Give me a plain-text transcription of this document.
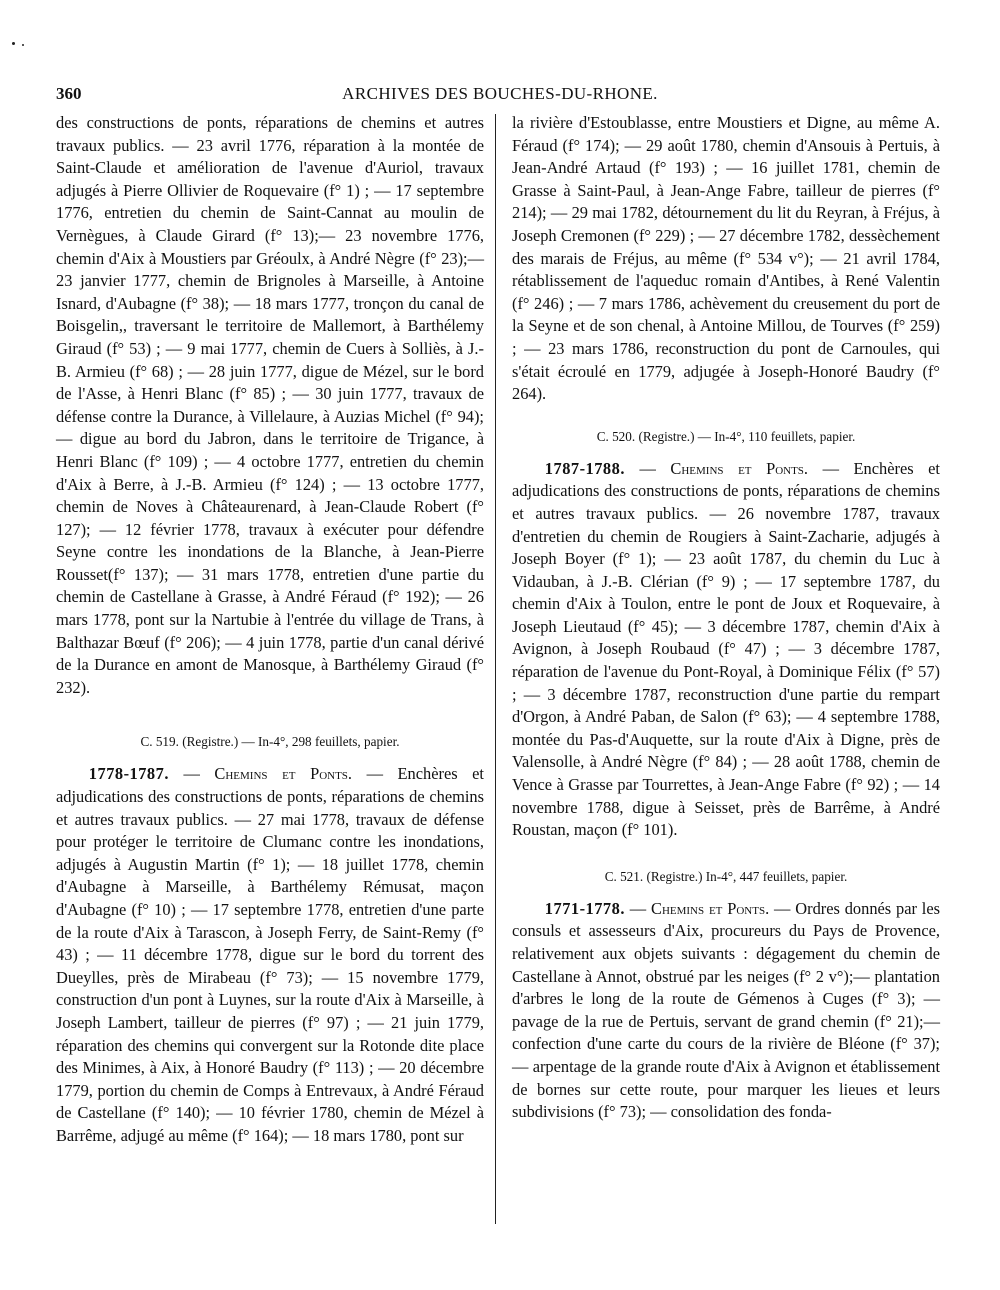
360	ARCHIVES DES BOUCHES-DU-RHONE.

des constructions de ponts, réparations de chemins et autres travaux publics. — 23 avril 1776, réparation à la montée de Saint-Claude et amélioration de l'avenue d'Auriol, travaux adjugés à Pierre Ollivier de Roquevaire (f° 1) ; — 17 septembre 1776, entretien du chemin de Saint-Cannat au moulin de Vernègues, à Claude Girard (f° 13);— 23 novembre 1776, chemin d'Aix à Moustiers par Gréoulx, à André Nègre (f° 23);—23 janvier 1777, chemin de Brignoles à Marseille, à Antoine Isnard, d'Aubagne (f° 38); — 18 mars 1777, tronçon du canal de Boisgelin,, traversant le territoire de Mallemort, à Barthélemy Giraud (f° 53) ; — 9 mai 1777, chemin de Cuers à Solliès, à J.-B. Armieu (f° 68) ; — 28 juin 1777, digue de Mézel, sur le bord de l'Asse, à Henri Blanc (f° 85) ; — 30 juin 1777, travaux de défense contre la Durance, à Villelaure, à Auzias Michel (f° 94); — digue au bord du Jabron, dans le territoire de Trigance, à Henri Blanc (f° 109) ; — 4 octobre 1777, entretien du chemin d'Aix à Berre, à J.-B. Armieu (f° 124) ; — 13 octobre 1777, chemin de Noves à Châteaurenard, à Jean-Claude Robert (f° 127); — 12 février 1778, travaux à exécuter pour défendre Seyne contre les inondations de la Blanche, à Jean-Pierre Rousset(f° 137); — 31 mars 1778, entretien d'une partie du chemin de Castellane à Grasse, à André Féraud (f° 192); — 26 mars 1778, pont sur la Nartubie à l'entrée du village de Trans, à Balthazar Bœuf (f° 206); — 4 juin 1778, partie d'un canal dérivé de la Durance en amont de Manosque, à Barthélemy Giraud (f° 232).

C. 519. (Registre.) — In-4°, 298 feuillets, papier.

1778-1787. — Chemins et Ponts. — Enchères et adjudications des constructions de ponts, réparations de chemins et autres travaux publics. — 27 mai 1778, travaux de défense pour protéger le territoire de Clumanc contre les inondations, adjugés à Augustin Martin (f° 1); — 18 juillet 1778, chemin d'Aubagne à Marseille, à Barthélemy Rémusat, maçon d'Aubagne (f° 10) ; — 17 septembre 1778, entretien d'une parte de la route d'Aix à Tarascon, à Joseph Ferry, de Saint-Remy (f° 43) ; — 11 décembre 1778, digue sur le bord du torrent des Dueylles, près de Mirabeau (f° 73); — 15 novembre 1779, construction d'un pont à Luynes, sur la route d'Aix à Marseille, à Joseph Lambert, tailleur de pierres (f° 97) ; — 21 juin 1779, réparation des chemins qui convergent sur la Rotonde dite place des Minimes, à Aix, à Honoré Baudry (f° 113) ; — 20 décembre 1779, portion du chemin de Comps à Entrevaux, à André Féraud de Castellane (f° 140); — 10 février 1780, chemin de Mézel à Barrême, adjugé au même (f° 164); — 18 mars 1780, pont sur

la rivière d'Estoublasse, entre Moustiers et Digne, au même A. Féraud (f° 174); — 29 août 1780, chemin d'Ansouis à Pertuis, à Jean-André Artaud (f° 193) ; — 16 juillet 1781, chemin de Grasse à Saint-Paul, à Jean-Ange Fabre, tailleur de pierres (f° 214); — 29 mai 1782, détournement du lit du Reyran, à Fréjus, à Joseph Cremonen (f° 229) ; — 27 décembre 1782, dessèchement des marais de Fréjus, au même (f° 534 v°); — 21 avril 1784, rétablissement de l'aqueduc romain d'Antibes, à René Valentin (f° 246) ; — 7 mars 1786, achèvement du creusement du port de la Seyne et de son chenal, à Antoine Millou, de Tourves (f° 259) ; — 23 mars 1786, reconstruction du pont de Carnoules, qui s'était écroulé en 1779, adjugée à Joseph-Honoré Baudry (f° 264).

C. 520. (Registre.) — In-4°, 110 feuillets, papier.

1787-1788. — Chemins et Ponts. — Enchères et adjudications des constructions de ponts, réparations de chemins et autres travaux publics. — 26 novembre 1787, travaux d'entretien du chemin de Rougiers à Saint-Zacharie, adjugés à Joseph Boyer (f° 1); — 23 août 1787, du chemin du Luc à Vidauban, à J.-B. Clérian (f° 9) ; — 17 septembre 1787, du chemin d'Aix à Toulon, entre le pont de Joux et Roquevaire, à Joseph Lieutaud (f° 45); — 3 décembre 1787, chemin d'Aix à Avignon, à Joseph Roubaud (f° 47) ; — 3 décembre 1787, réparation de l'avenue du Pont-Royal, à Dominique Félix (f° 57) ; — 3 décembre 1787, reconstruction d'une partie du rempart d'Orgon, à André Paban, de Salon (f° 63); — 4 septembre 1788, montée du Pas-d'Auquette, sur la route d'Aix à Digne, près de Valensolle, à André Nègre (f° 84) ; — 28 août 1788, chemin de Vence à Grasse par Tourrettes, à Jean-Ange Fabre (f° 92) ; — 14 novembre 1788, digue à Seisset, près de Barrême, à André Roustan, maçon (f° 101).

C. 521. (Registre.) In-4°, 447 feuillets, papier.

1771-1778. — Chemins et Ponts. — Ordres donnés par les consuls et assesseurs d'Aix, procureurs du Pays de Provence, relativement aux objets suivants : dégagement du chemin de Castellane à Annot, obstrué par les neiges (f° 2 v°);— plantation d'arbres le long de la route de Gémenos à Cuges (f° 3); — pavage de la rue de Pertuis, servant de grand chemin (f° 21);— confection d'une carte du cours de la rivière de Bléone (f° 37); — arpentage de la grande route d'Aix à Avignon et établissement de bornes sur cette route, pour marquer les lieues et leurs subdivisions (f° 73); — consolidation des fonda-
